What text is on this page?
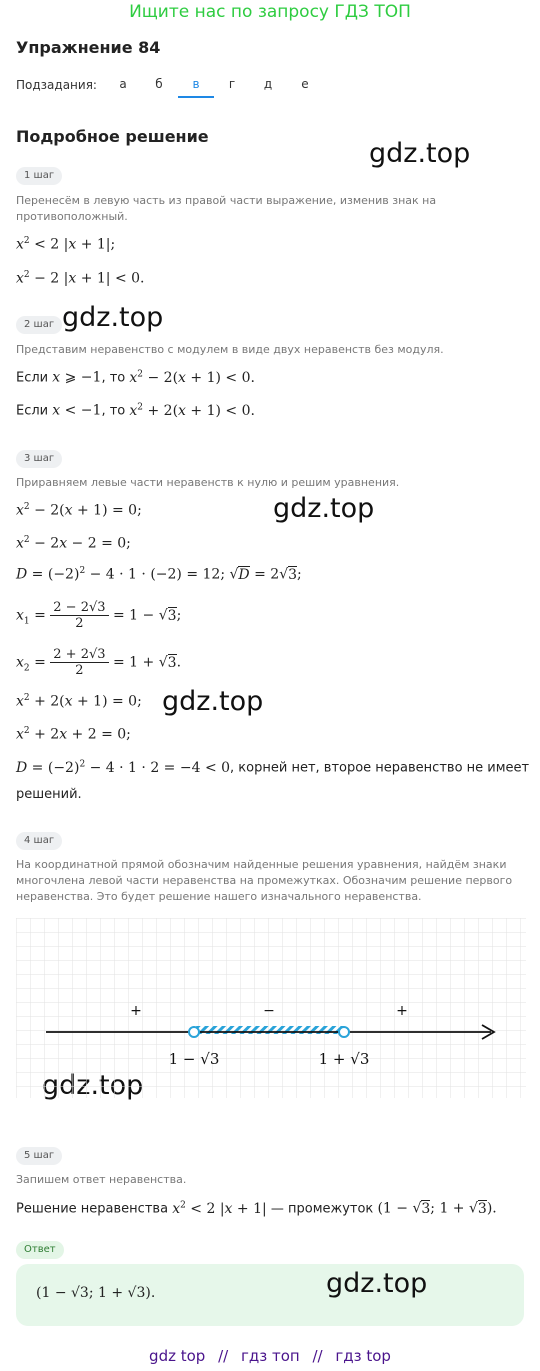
Ищите нас по запросу ГДЗ ТОП
Упражнение 84
Подзадания:	а	б	в	г	д	е
Подробное решение
gdz.top
gdz.top
gdz.top
gdz.top
gdz.top
1 шаг
Перенесём в левую часть из правой части выражение, изменив знак на противоположный.
$x^2 < 2$ |x + 1|;
$x^2 - 2$ |x + 1| < 0.
2 шаг
Представим неравенство с модулем в виде двух неравенств без модуля.
Если x ⩾ −1, то $x^2 - 2(x + 1) < 0$.
Если x < −1, то $x^2 + 2(x + 1) < 0$.
3 шаг
Приравняем левые части неравенств к нулю и решим уравнения.
$x^2 - 2(x + 1) = 0$;
$x^2 - 2x - 2 = 0$;
$D = (-2)^2 - 4 \cdot 1 \cdot (-2) = 12$; √D = 2√3;
$x_1 = \frac{2 - 2√3}{2} = 1 - √3$;
$x_2 = \frac{2 + 2√3}{2} = 1 + √3$.
$x^2 + 2(x + 1) = 0$;
$x^2 + 2x + 2 = 0$;
$D = (-2)^2 - 4 \cdot 1 \cdot 2 = -4 < 0$, корней нет, второе неравенство не имеет
решений.
4 шаг
На координатной прямой обозначим найденные решения уравнения, найдём знаки многочлена левой части неравенства на промежутках. Обозначим решение первого неравенства. Это будет решение нашего изначального неравенства.
+	−	+
1 − √3	1 + √3
5 шаг
Запишем ответ неравенства.
Решение неравенства $x^2 < 2$ |x + 1| — промежуток (1 − √3; 1 + √3).
Ответ
(1 − √3; 1 + √3).
gdz top // гдз топ // гдз top
